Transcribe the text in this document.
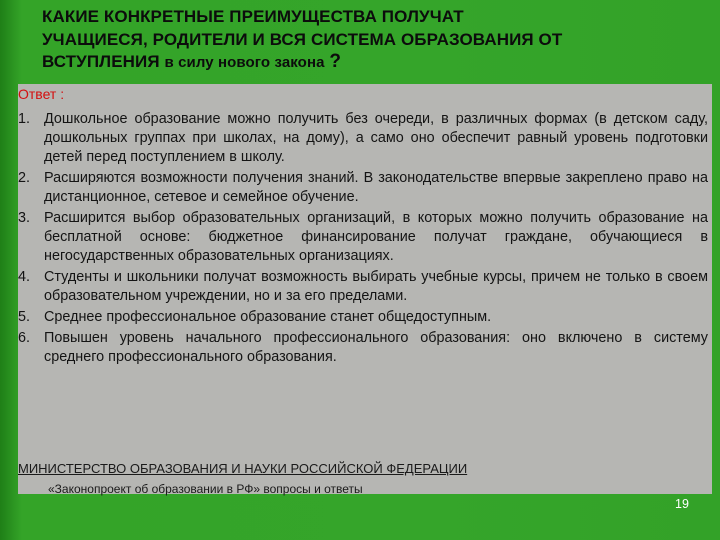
КАКИЕ КОНКРЕТНЫЕ ПРЕИМУЩЕСТВА ПОЛУЧАТ
УЧАЩИЕСЯ, РОДИТЕЛИ И ВСЯ СИСТЕМА ОБРАЗОВАНИЯ ОТ
ВСТУПЛЕНИЯ в силу нового закона ?
Ответ :
1. Дошкольное образование можно получить без очереди, в различных формах (в детском саду, дошкольных группах при школах, на дому), а само оно обеспечит равный уровень подготовки детей перед поступлением в школу.
2. Расширяются возможности получения знаний. В законодательстве впервые закреплено право на дистанционное, сетевое и семейное обучение.
3. Расширится выбор образовательных организаций, в которых можно получить образование на бесплатной основе: бюджетное финансирование получат граждане, обучающиеся в негосударственных образовательных организациях.
4. Студенты и школьники получат возможность выбирать учебные курсы, причем не только в своем образовательном учреждении, но и за его пределами.
5. Среднее профессиональное образование станет общедоступным.
6. Повышен уровень начального профессионального образования: оно включено в систему среднего профессионального образования.
МИНИСТЕРСТВО ОБРАЗОВАНИЯ И НАУКИ РОССИЙСКОЙ ФЕДЕРАЦИИ
«Законопроект об образовании в РФ» вопросы и ответы
19
